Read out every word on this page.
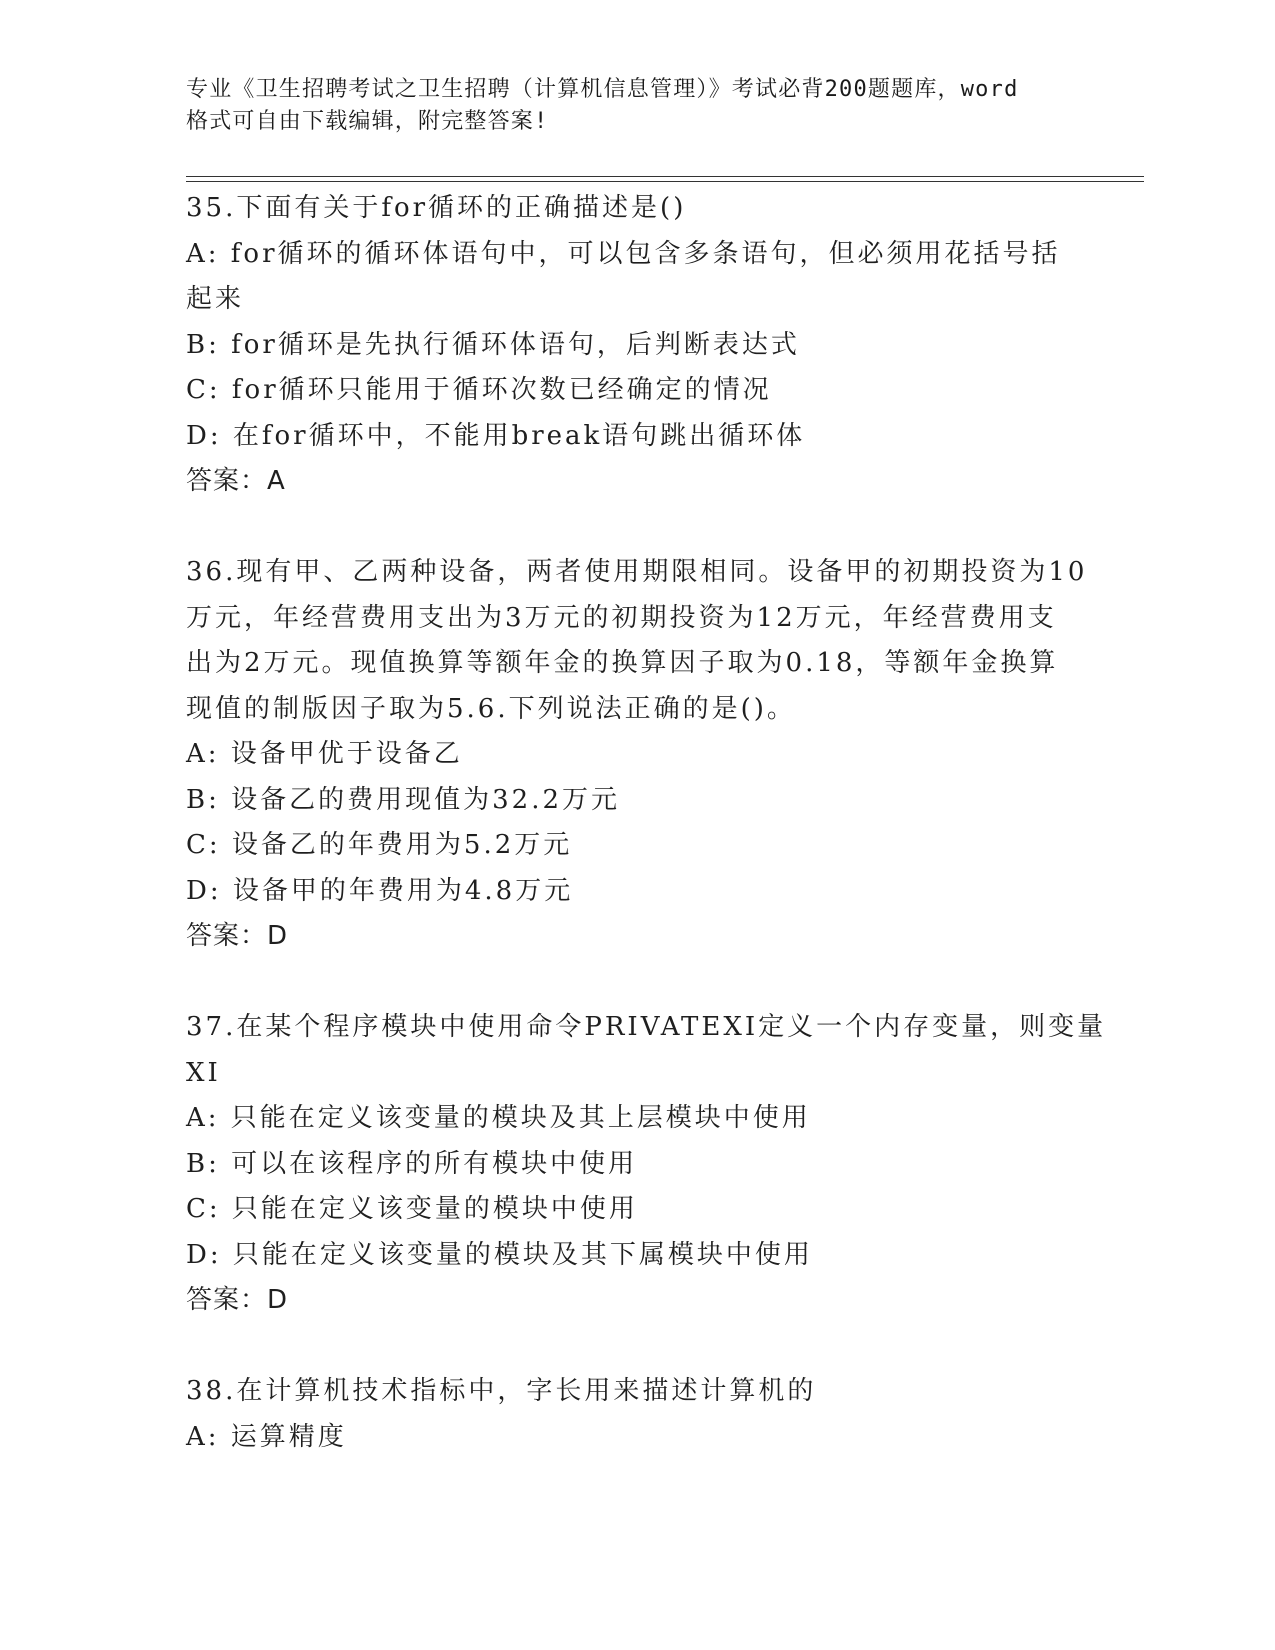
专业《卫生招聘考试之卫生招聘（计算机信息管理）》考试必背200题题库，word
格式可自由下载编辑，附完整答案!
35.下面有关于for循环的正确描述是()
A: for循环的循环体语句中，可以包含多条语句，但必须用花括号括
起来
B: for循环是先执行循环体语句，后判断表达式
C: for循环只能用于循环次数已经确定的情况
D: 在for循环中，不能用break语句跳出循环体
答案：A
36.现有甲、乙两种设备，两者使用期限相同。设备甲的初期投资为10
万元，年经营费用支出为3万元的初期投资为12万元，年经营费用支
出为2万元。现值换算等额年金的换算因子取为0.18，等额年金换算
现值的制版因子取为5.6.下列说法正确的是()。
A: 设备甲优于设备乙
B: 设备乙的费用现值为32.2万元
C: 设备乙的年费用为5.2万元
D: 设备甲的年费用为4.8万元
答案：D
37.在某个程序模块中使用命令PRIVATEXI定义一个内存变量，则变量
XI
A: 只能在定义该变量的模块及其上层模块中使用
B: 可以在该程序的所有模块中使用
C: 只能在定义该变量的模块中使用
D: 只能在定义该变量的模块及其下属模块中使用
答案：D
38.在计算机技术指标中，字长用来描述计算机的
A: 运算精度
